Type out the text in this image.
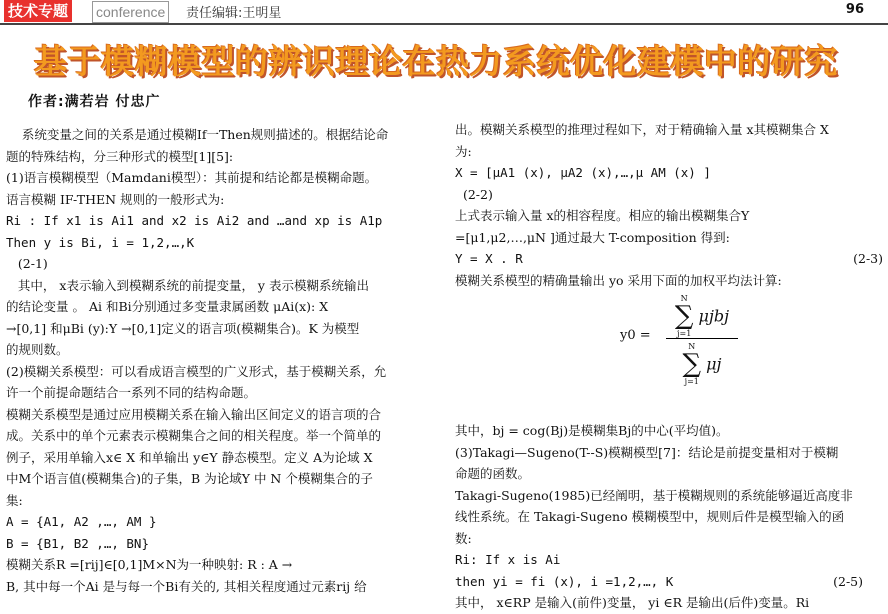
技术专题 conference	责任编辑:王明星	96
基于模糊模型的辨识理论在热力系统优化建模中的研究
作者:满若岩 付忠广

系统变量之间的关系是通过模糊If一Then规则描述的。根据结论命

题的特殊结构，分三种形式的模型[1][5]:

(1)语言模糊模型（Mamdani模型）：其前提和结论都是模糊命题。

语言模糊 IF-THEN 规则的一般形式为:

Ri : If x1 is Ai1 and x2 is Ai2 and …and xp is A1p

Then y is Bi, i = 1,2,…,K

(2-1)

其中， x表示输入到模糊系统的前提变量， y 表示模糊系统输出

的结论变量 。 Ai 和Bi分别通过多变量隶属函数 μAi(x): X

→[0,1] 和μBi (y):Y →[0,1]定义的语言项(模糊集合)。K 为模型

的规则数。

(2)模糊关系模型：可以看成语言模型的广义形式，基于模糊关系，允

许一个前提命题结合一系列不同的结构命题。

模糊关系模型是通过应用模糊关系在输入输出区间定义的语言项的合

成。关系中的单个元素表示模糊集合之间的相关程度。举一个简单的

例子，采用单输入x∈ X 和单输出 y∈Y 静态模型。定义 A为论域 X

中M个语言值(模糊集合)的子集，B 为论域Y 中 N 个模糊集合的子

集:

A = {A1, A2 ,…, AM }

B = {B1, B2 ,…, BN}

模糊关系R =[rij]∈[0,1]M×N为一种映射: R : A →

B, 其中每一个Ai 是与每一个Bi有关的, 其相关程度通过元素rij 给

出。模糊关系模型的推理过程如下，对于精确输入量 x其模糊集合 X

为:

X = [μA1 (x), μA2 (x),…,μ AM (x) ]

(2-2)

上式表示输入量 x的相容程度。相应的输出模糊集合Y

=[μ1,μ2,…,μN ]通过最大 T-composition 得到:

Y = X . R	(2-3)

模糊关系模型的精确量输出 yo 采用下面的加权平均法计算:

其中，bj = cog(Bj)是模糊集Bj的中心(平均值)。

(3)Takagi—Sugeno(T--S)模糊模型[7]：结论是前提变量相对于模糊

命题的函数。

Takagi-Sugeno(1985)已经阐明，基于模糊规则的系统能够逼近高度非

线性系统。在 Takagi-Sugeno 模糊模型中，规则后件是模型输入的函

数:

Ri: If x is Ai

then yi = fi (x), i =1,2,…, K	(2-5)

其中， x∈RP 是输入(前件)变量， yi ∈R 是输出(后件)变量。Ri

y0 =
N
∑
j=1
μjbj
N
∑
j=1
μj
